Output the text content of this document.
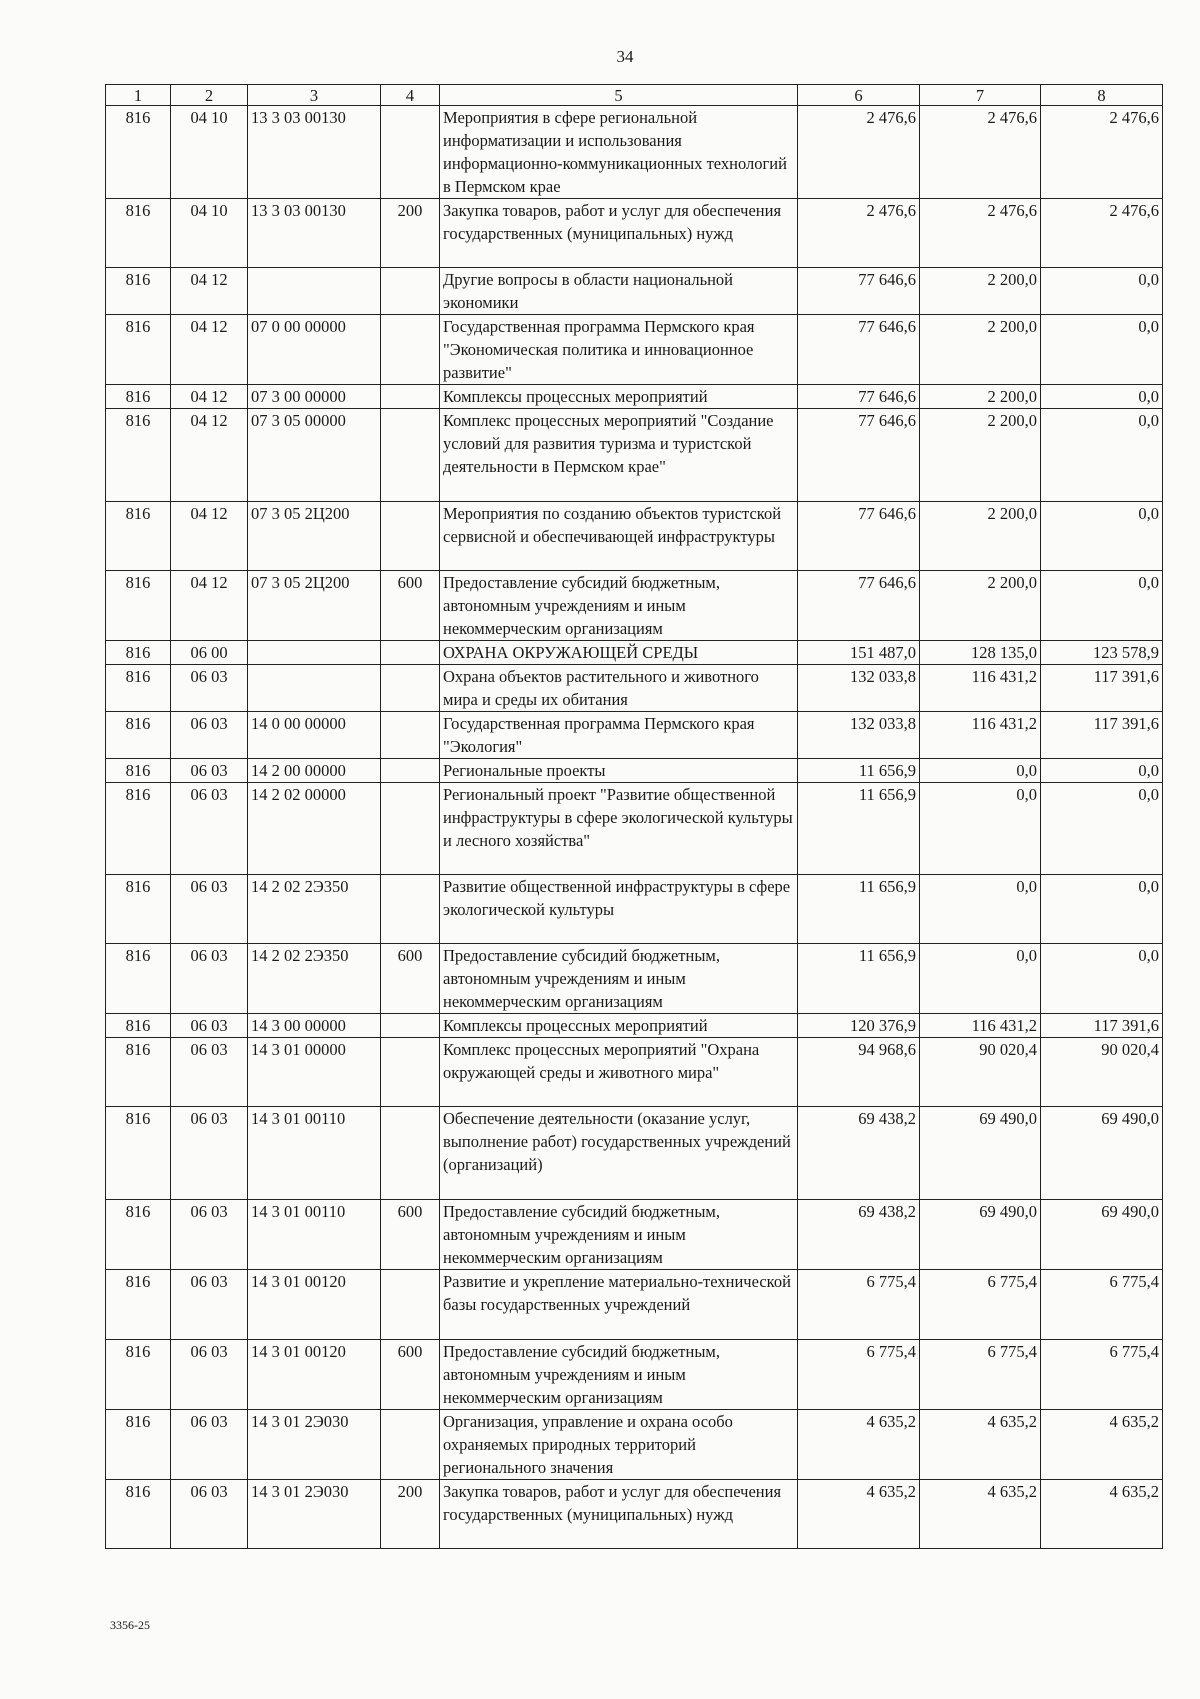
34
1	2	3	4	5	6	7	8
816	04 10	13 3 03 00130		Мероприятия в сфере региональной информатизации и использования информационно-коммуникационных технологий в Пермском крае	2 476,6	2 476,6	2 476,6
816	04 10	13 3 03 00130	200	Закупка товаров, работ и услуг для обеспечения государственных (муниципальных) нужд	2 476,6	2 476,6	2 476,6
816	04 12			Другие вопросы в области национальной экономики	77 646,6	2 200,0	0,0
816	04 12	07 0 00 00000		Государственная программа Пермского края "Экономическая политика и инновационное развитие"	77 646,6	2 200,0	0,0
816	04 12	07 3 00 00000		Комплексы процессных мероприятий	77 646,6	2 200,0	0,0
816	04 12	07 3 05 00000		Комплекс процессных мероприятий "Создание условий для развития туризма и туристской деятельности в Пермском крае"	77 646,6	2 200,0	0,0
816	04 12	07 3 05 2Ц200		Мероприятия по созданию объектов туристской сервисной и обеспечивающей инфраструктуры	77 646,6	2 200,0	0,0
816	04 12	07 3 05 2Ц200	600	Предоставление субсидий бюджетным, автономным учреждениям и иным некоммерческим организациям	77 646,6	2 200,0	0,0
816	06 00			ОХРАНА ОКРУЖАЮЩЕЙ СРЕДЫ	151 487,0	128 135,0	123 578,9
816	06 03			Охрана объектов растительного и животного мира и среды их обитания	132 033,8	116 431,2	117 391,6
816	06 03	14 0 00 00000		Государственная программа Пермского края "Экология"	132 033,8	116 431,2	117 391,6
816	06 03	14 2 00 00000		Региональные проекты	11 656,9	0,0	0,0
816	06 03	14 2 02 00000		Региональный проект "Развитие общественной инфраструктуры в сфере экологической культуры и лесного хозяйства"	11 656,9	0,0	0,0
816	06 03	14 2 02 2Э350		Развитие общественной инфраструктуры в сфере экологической культуры	11 656,9	0,0	0,0
816	06 03	14 2 02 2Э350	600	Предоставление субсидий бюджетным, автономным учреждениям и иным некоммерческим организациям	11 656,9	0,0	0,0
816	06 03	14 3 00 00000		Комплексы процессных мероприятий	120 376,9	116 431,2	117 391,6
816	06 03	14 3 01 00000		Комплекс процессных мероприятий "Охрана окружающей среды и животного мира"	94 968,6	90 020,4	90 020,4
816	06 03	14 3 01 00110		Обеспечение деятельности (оказание услуг, выполнение работ) государственных учреждений (организаций)	69 438,2	69 490,0	69 490,0
816	06 03	14 3 01 00110	600	Предоставление субсидий бюджетным, автономным учреждениям и иным некоммерческим организациям	69 438,2	69 490,0	69 490,0
816	06 03	14 3 01 00120		Развитие и укрепление материально-технической базы государственных учреждений	6 775,4	6 775,4	6 775,4
816	06 03	14 3 01 00120	600	Предоставление субсидий бюджетным, автономным учреждениям и иным некоммерческим организациям	6 775,4	6 775,4	6 775,4
816	06 03	14 3 01 2Э030		Организация, управление и охрана особо охраняемых природных территорий регионального значения	4 635,2	4 635,2	4 635,2
816	06 03	14 3 01 2Э030	200	Закупка товаров, работ и услуг для обеспечения государственных (муниципальных) нужд	4 635,2	4 635,2	4 635,2
3356-25
